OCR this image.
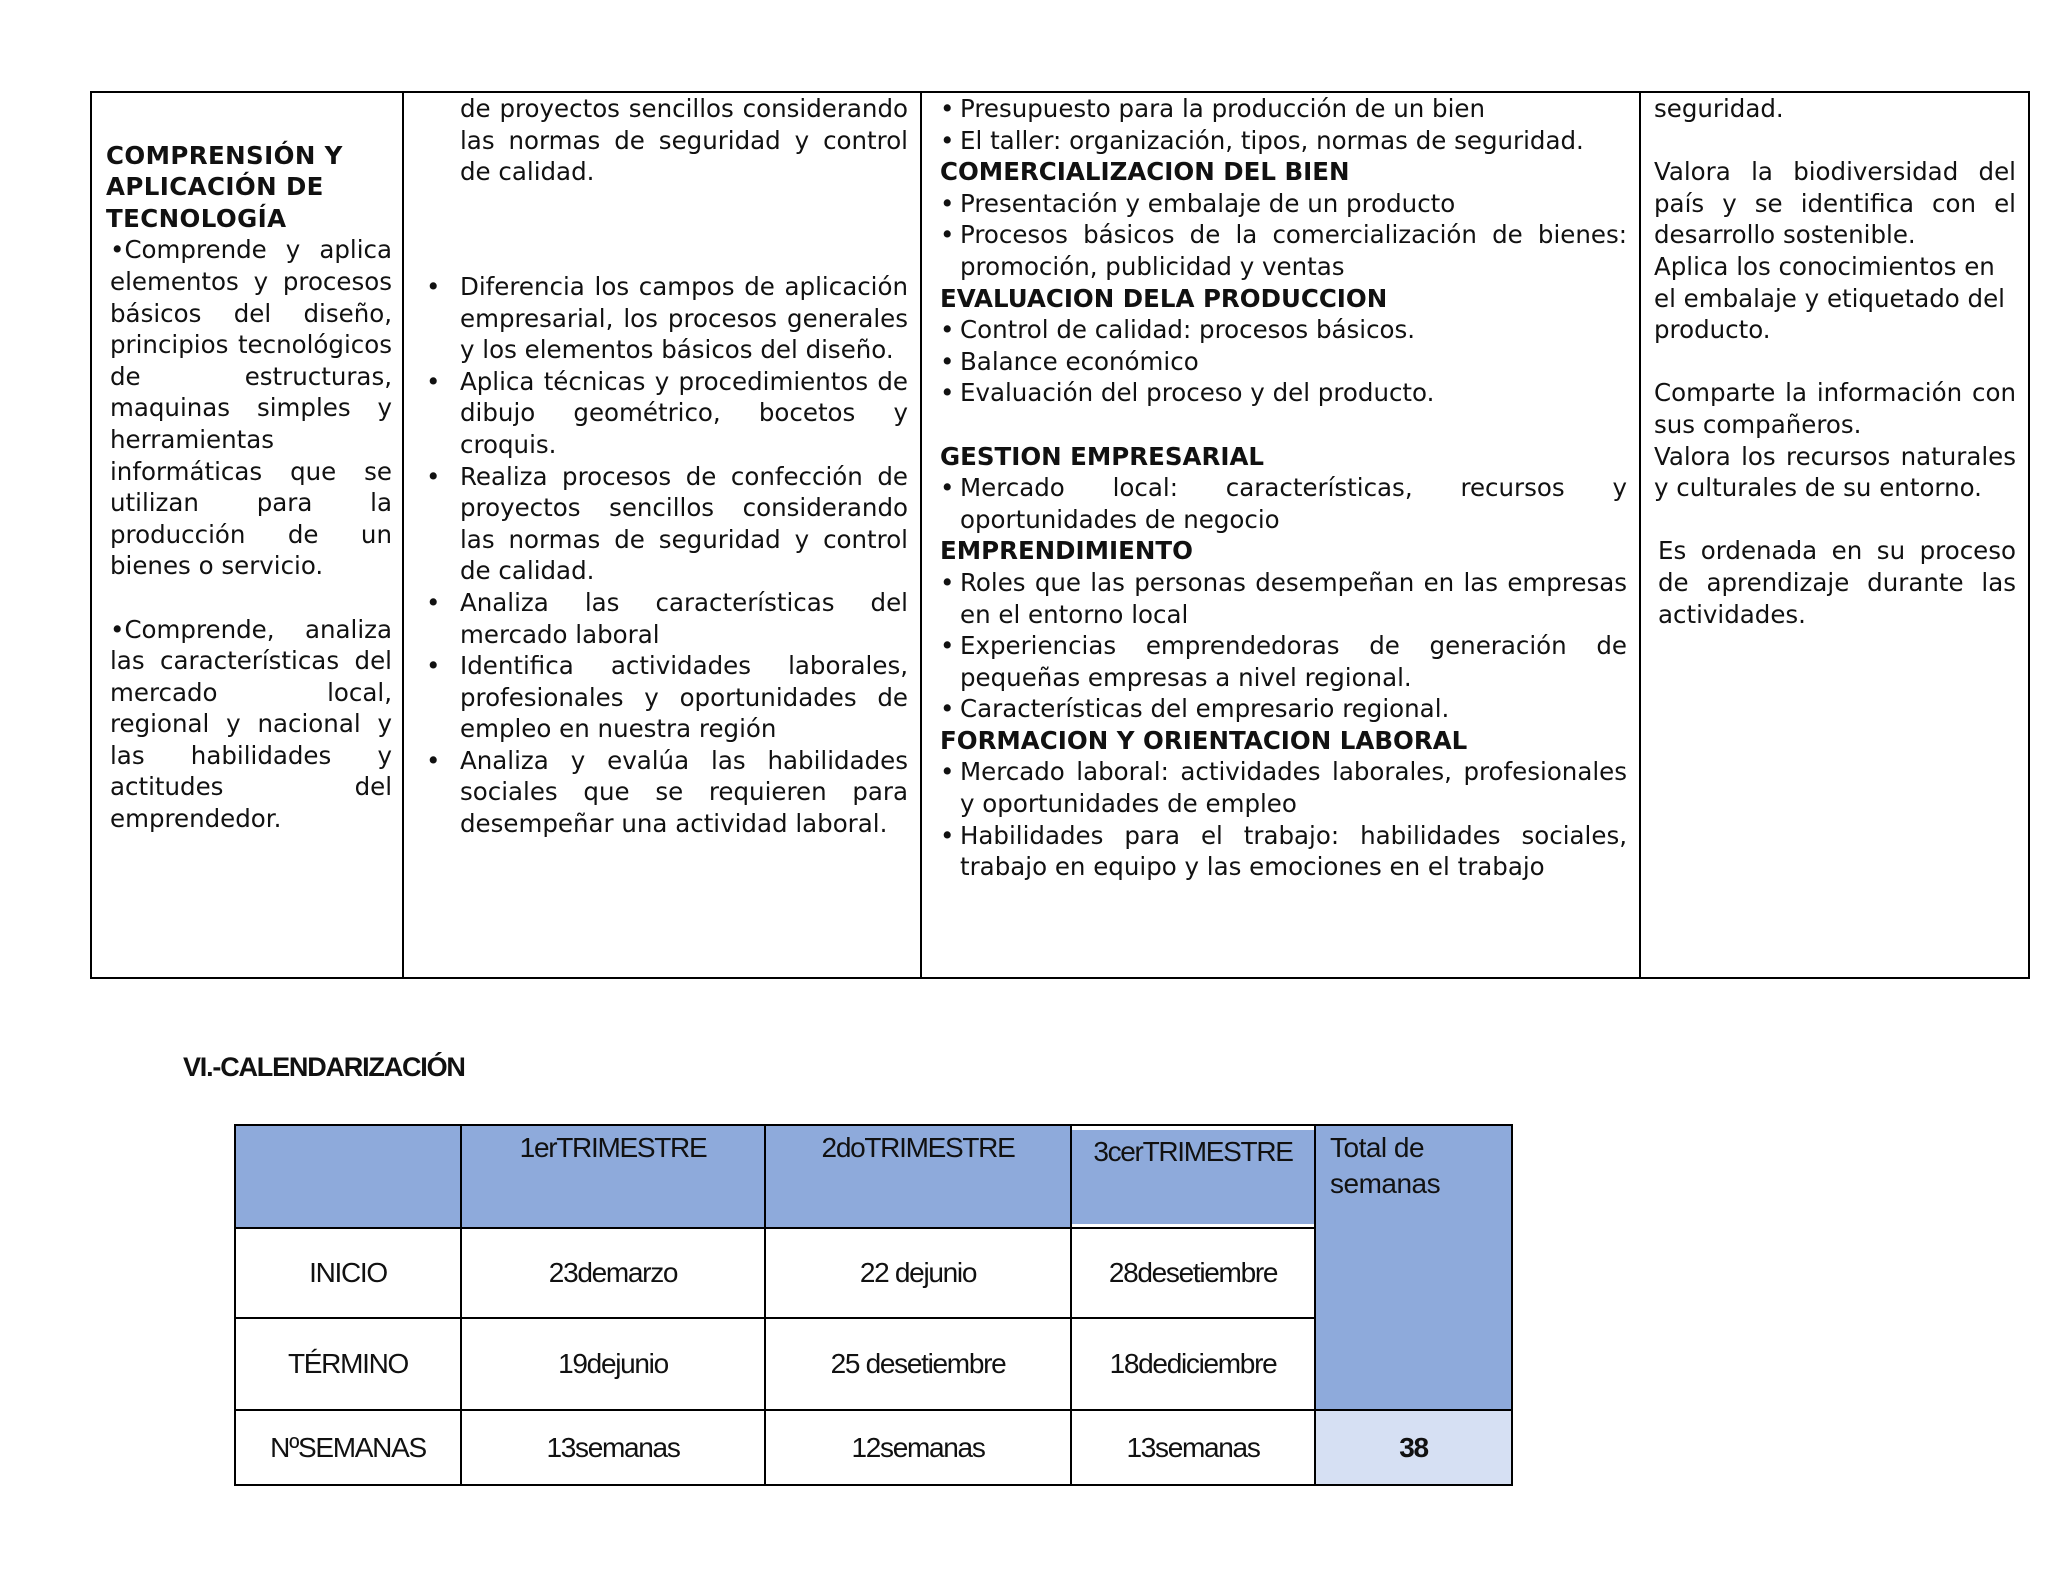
COMPRENSIÓN Y APLICACIÓN DE TECNOLOGÍA
•Comprende y aplica elementos y procesos básicos del diseño, principios tecnológicos de estructuras, maquinas simples y herramientas informáticas que se utilizan para la producción de un bienes o servicio.
•Comprende, analiza las características del mercado local, regional y nacional y las habilidades y actitudes del emprendedor.

de proyectos sencillos considerando las normas de seguridad y control de calidad.
• Diferencia los campos de aplicación empresarial, los procesos generales y los elementos básicos del diseño.
• Aplica técnicas y procedimientos de dibujo geométrico, bocetos y croquis.
• Realiza procesos de confección de proyectos sencillos considerando las normas de seguridad y control de calidad.
• Analiza las características del mercado laboral
• Identifica actividades laborales, profesionales y oportunidades de empleo en nuestra región
• Analiza y evalúa las habilidades sociales que se requieren para desempeñar una actividad laboral.

• Presupuesto para la producción de un bien
• El taller: organización, tipos, normas de seguridad.
COMERCIALIZACION DEL BIEN
• Presentación y embalaje de un producto
• Procesos básicos de la comercialización de bienes: promoción, publicidad y ventas
EVALUACION DELA PRODUCCION
• Control de calidad: procesos básicos.
• Balance económico
• Evaluación del proceso y del producto.
GESTION EMPRESARIAL
• Mercado local: características, recursos y oportunidades de negocio
EMPRENDIMIENTO
• Roles que las personas desempeñan en las empresas en el entorno local
• Experiencias emprendedoras de generación de pequeñas empresas a nivel regional.
• Características del empresario regional.
FORMACION Y ORIENTACION LABORAL
• Mercado laboral: actividades laborales, profesionales y oportunidades de empleo
• Habilidades para el trabajo: habilidades sociales, trabajo en equipo y las emociones en el trabajo

seguridad.
Valora la biodiversidad del país y se identifica con el desarrollo sostenible.
Aplica los conocimientos en el embalaje y etiquetado del producto.
Comparte la información con sus compañeros.
Valora los recursos naturales y culturales de su entorno.
Es ordenada en su proceso de aprendizaje durante las actividades.
VI.-CALENDARIZACIÓN
	1erTRIMESTRE	2doTRIMESTRE	3cerTRIMESTRE	Total de semanas
INICIO	23demarzo	22 dejunio	28desetiembre	
TÉRMINO	19dejunio	25 desetiembre	18dediciembre	
NºSEMANAS	13semanas	12semanas	13semanas	38
